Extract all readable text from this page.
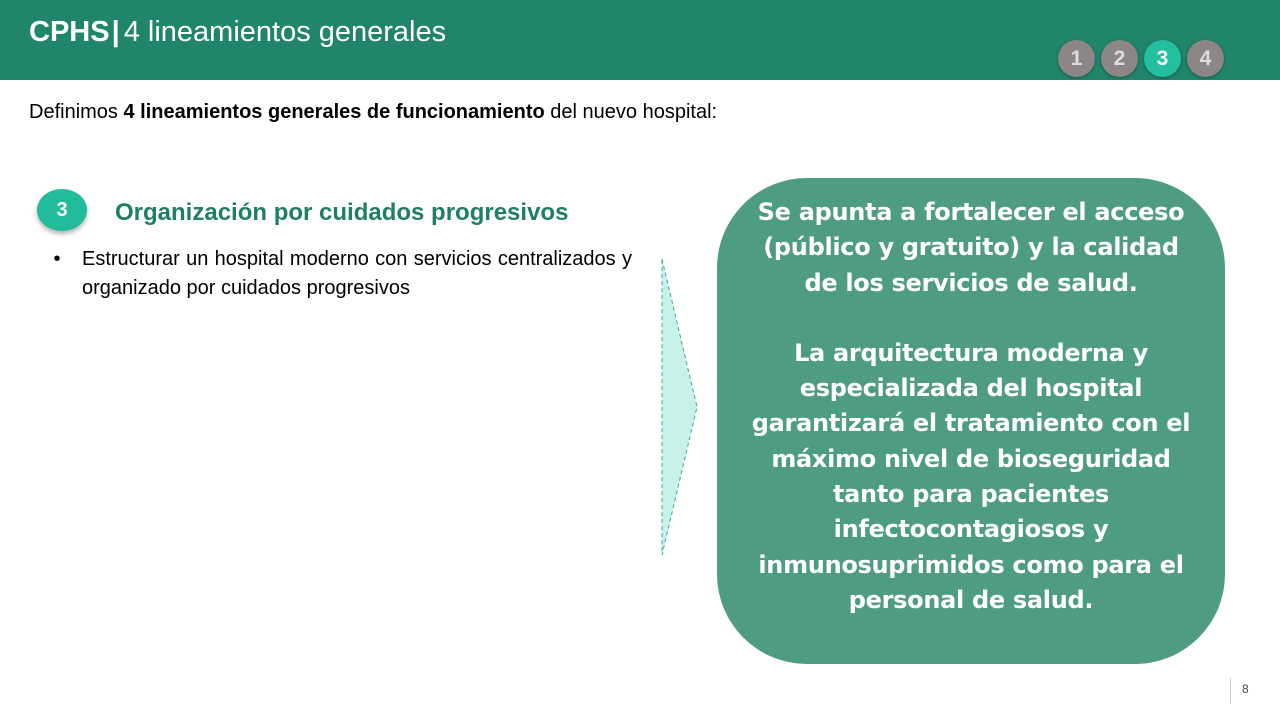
CPHS| 4 lineamientos generales
1	2	3	4
Definimos 4 lineamientos generales de funcionamiento del nuevo hospital:
3	Organización por cuidados progresivos
• Estructurar un hospital moderno con servicios centralizados y organizado por cuidados progresivos

Se apunta a fortalecer el acceso (público y gratuito) y la calidad de los servicios de salud.

La arquitectura moderna y especializada del hospital garantizará el tratamiento con el máximo nivel de bioseguridad tanto para pacientes infectocontagiosos y inmunosuprimidos como para el personal de salud.

8
